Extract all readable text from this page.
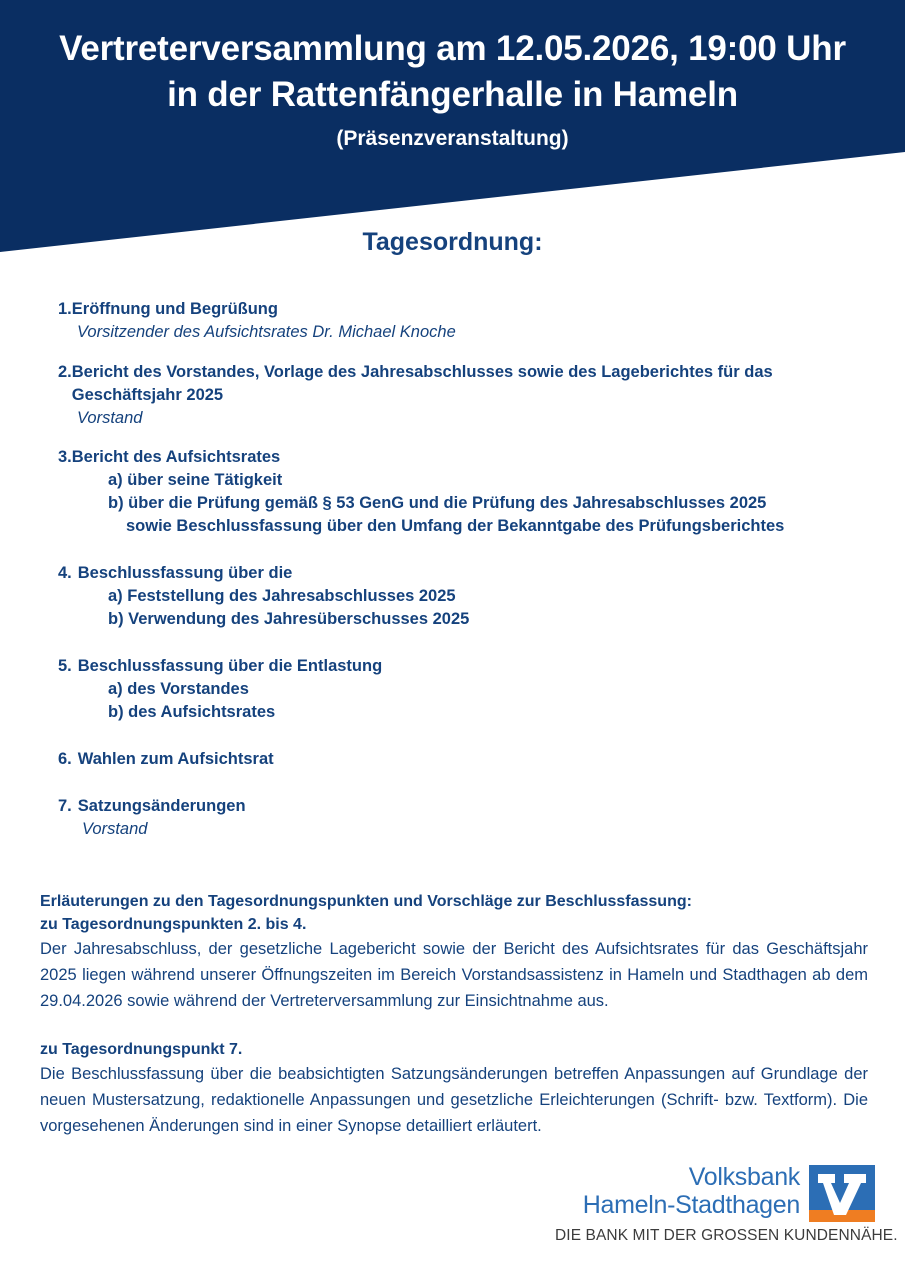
Vertreterversammlung am 12.05.2026, 19:00 Uhr
in der Rattenfängerhalle in Hameln
(Präsenzveranstaltung)
Tagesordnung:
1. Eröffnung und Begrüßung
Vorsitzender des Aufsichtsrates Dr. Michael Knoche
2. Bericht des Vorstandes, Vorlage des Jahresabschlusses sowie des Lageberichtes für das Geschäftsjahr 2025
Vorstand
3. Bericht des Aufsichtsrates
a) über seine Tätigkeit
b) über die Prüfung gemäß § 53 GenG und die Prüfung des Jahresabschlusses 2025
sowie Beschlussfassung über den Umfang der Bekanntgabe des Prüfungsberichtes
4. Beschlussfassung über die
a) Feststellung des Jahresabschlusses 2025
b) Verwendung des Jahresüberschusses 2025
5. Beschlussfassung über die Entlastung
a) des Vorstandes
b) des Aufsichtsrates
6. Wahlen zum Aufsichtsrat
7. Satzungsänderungen
Vorstand
Erläuterungen zu den Tagesordnungspunkten und Vorschläge zur Beschlussfassung:
zu Tagesordnungspunkten 2. bis 4.
Der Jahresabschluss, der gesetzliche Lagebericht sowie der Bericht des Aufsichtsrates für das Geschäftsjahr 2025 liegen während unserer Öffnungszeiten im Bereich Vorstandsassistenz in Hameln und Stadthagen ab dem 29.04.2026 sowie während der Vertreterversammlung zur Einsichtnahme aus.
zu Tagesordnungspunkt 7.
Die Beschlussfassung über die beabsichtigten Satzungsänderungen betreffen Anpassungen auf Grundlage der neuen Mustersatzung, redaktionelle Anpassungen und gesetzliche Erleichterungen (Schrift- bzw. Textform). Die vorgesehenen Änderungen sind in einer Synopse detailliert erläutert.
Volksbank
Hameln-Stadthagen
DIE BANK MIT DER GROSSEN KUNDENNÄHE.
